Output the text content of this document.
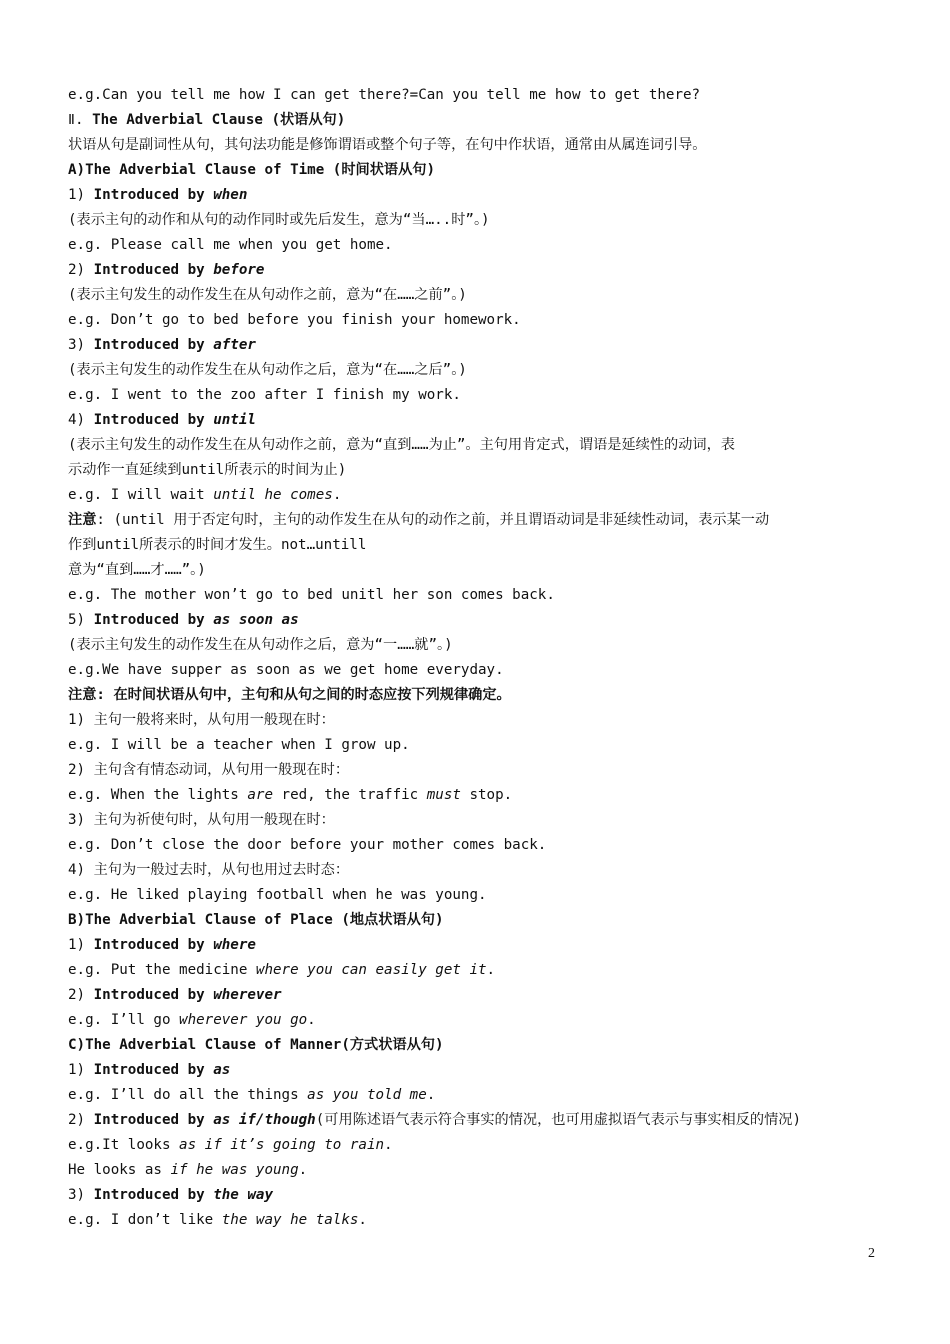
e.g.Can you tell me how I can get there?=Can you tell me how to get there?
Ⅱ. The Adverbial Clause (状语从句)
状语从句是副词性从句，其句法功能是修饰谓语或整个句子等，在句中作状语，通常由从属连词引导。
A)The Adverbial Clause of Time (时间状语从句)
1) Introduced by when
(表示主句的动作和从句的动作同时或先后发生，意为“当…..时”。)
e.g. Please call me when you get home.
2) Introduced by before
(表示主句发生的动作发生在从句动作之前，意为“在……之前”。)
e.g. Don’t go to bed before you finish your homework.
3) Introduced by after
(表示主句发生的动作发生在从句动作之后，意为“在……之后”。)
e.g. I went to the zoo after I finish my work.
4) Introduced by until
(表示主句发生的动作发生在从句动作之前，意为“直到……为止”。主句用肯定式，谓语是延续性的动词，表
示动作一直延续到until所表示的时间为止)
e.g. I will wait until he comes.
注意: (until 用于否定句时，主句的动作发生在从句的动作之前，并且谓语动词是非延续性动词，表示某一动
作到until所表示的时间才发生。not…untill
意为“直到……才……”。)
e.g. The mother won’t go to bed unitl her son comes back.
5) Introduced by as soon as
(表示主句发生的动作发生在从句动作之后，意为“一……就”。)
e.g.We have supper as soon as we get home everyday.
注意: 在时间状语从句中，主句和从句之间的时态应按下列规律确定。
1) 主句一般将来时，从句用一般现在时：
e.g. I will be a teacher when I grow up.
2) 主句含有情态动词，从句用一般现在时：
e.g. When the lights are red, the traffic must stop.
3) 主句为祈使句时，从句用一般现在时：
e.g. Don’t close the door before your mother comes back.
4) 主句为一般过去时，从句也用过去时态：
e.g. He liked playing football when he was young.
B)The Adverbial Clause of Place (地点状语从句)
1) Introduced by where
e.g. Put the medicine where you can easily get it.
2) Introduced by wherever
e.g. I’ll go wherever you go.
C)The Adverbial Clause of Manner(方式状语从句)
1) Introduced by as
e.g. I’ll do all the things as you told me.
2) Introduced by as if/though(可用陈述语气表示符合事实的情况，也可用虚拟语气表示与事实相反的情况)
e.g.It looks as if it’s going to rain.
He looks as if he was young.
3) Introduced by the way
e.g. I don’t like the way he talks.
2
